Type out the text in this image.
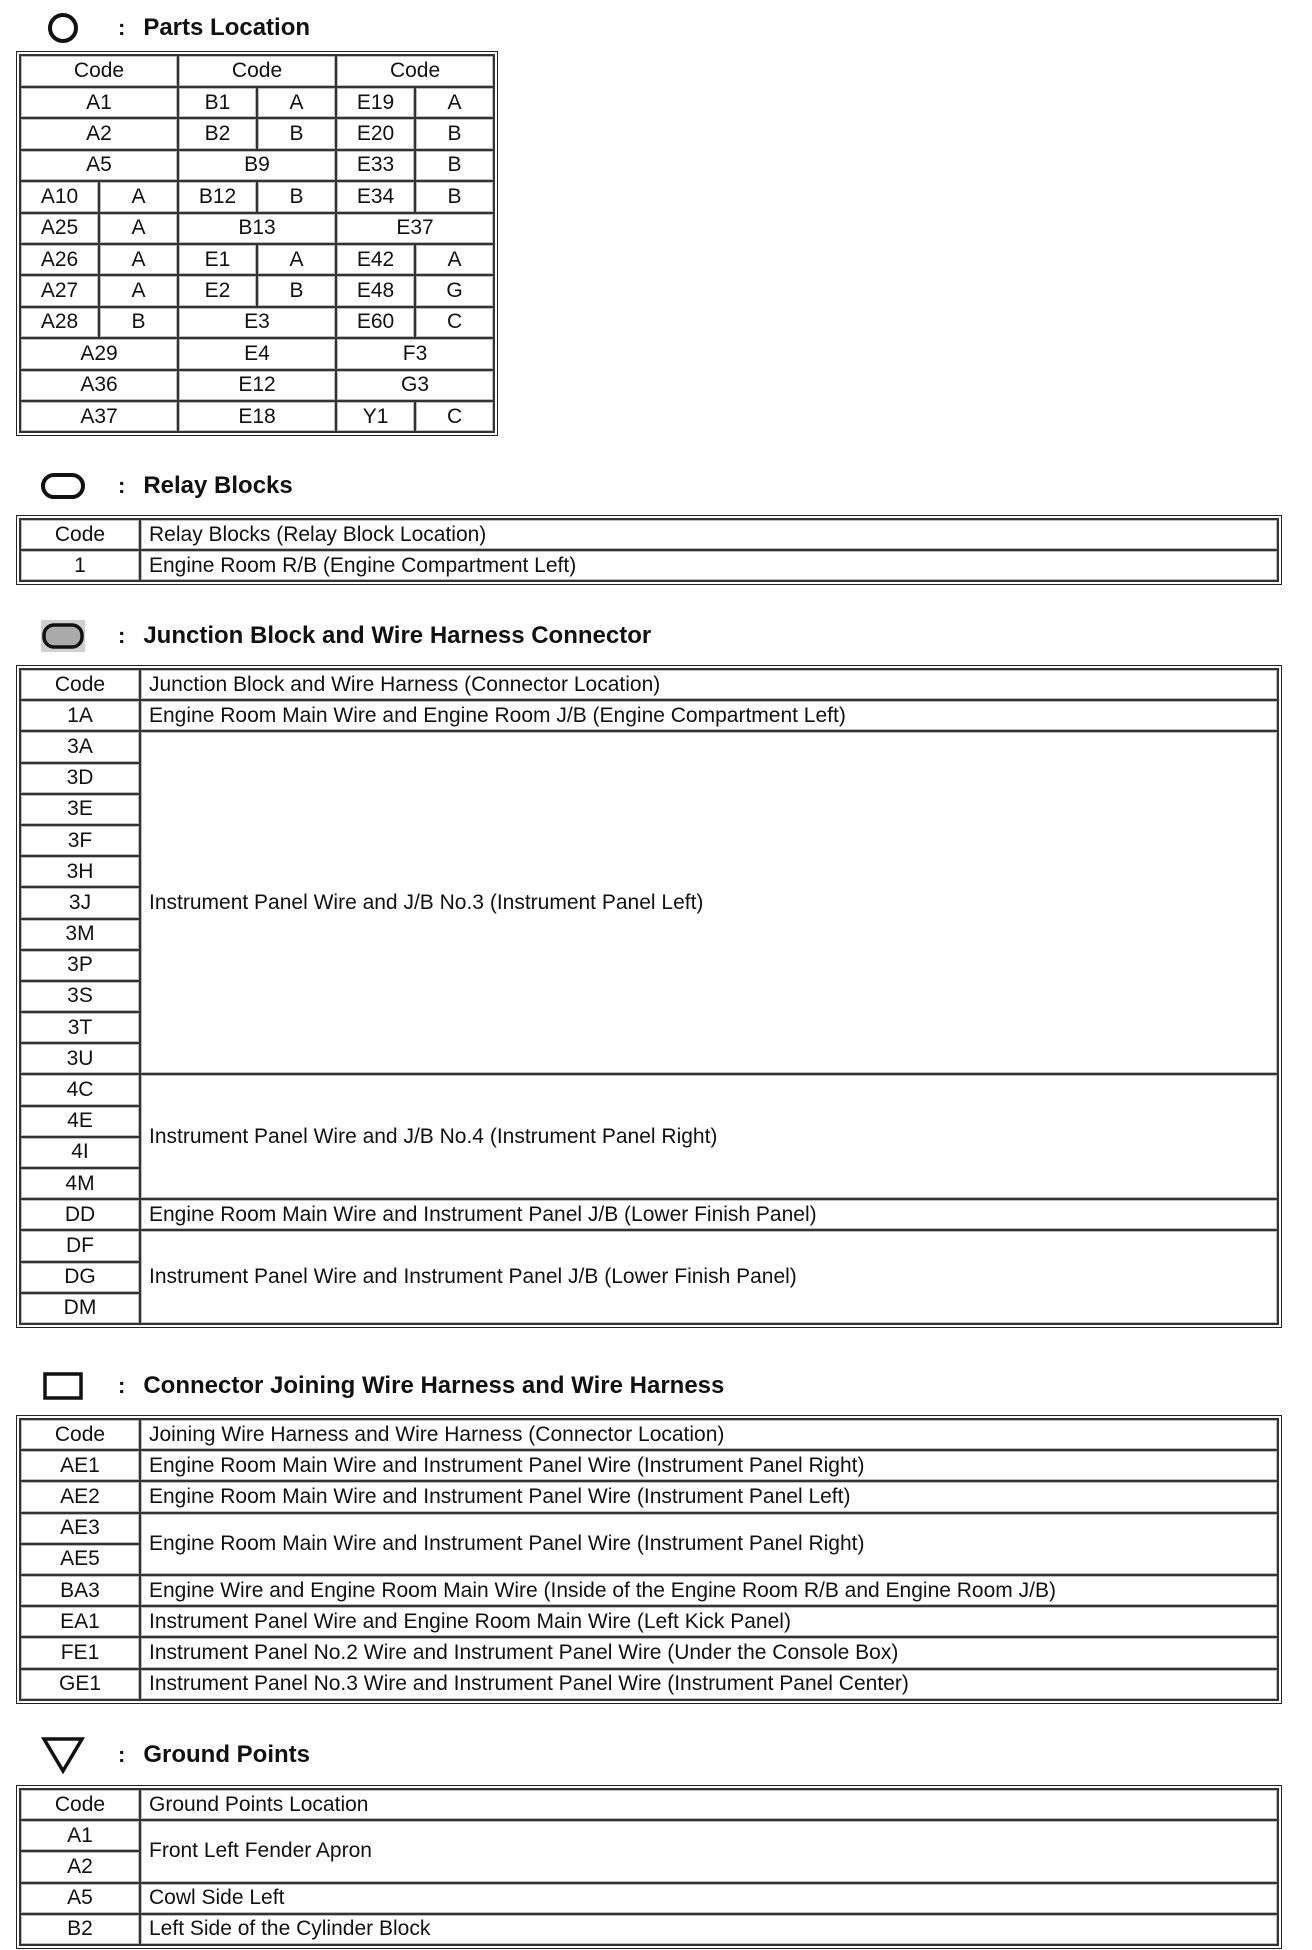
: Parts Location
Code		Code		Code	
A1		B1	A	E19	A
A2		B2	B	E20	B
A5		B9		E33	B
A10	A	B12	B	E34	B
A25	A	B13		E37	
A26	A	E1	A	E42	A
A27	A	E2	B	E48	G
A28	B	E3		E60	C
A29		E4		F3	
A36		E12		G3	
A37		E18		Y1	C
: Relay Blocks
Code	Relay Blocks (Relay Block Location)
1	Engine Room R/B (Engine Compartment Left)
: Junction Block and Wire Harness Connector
Code	Junction Block and Wire Harness (Connector Location)
1A	Engine Room Main Wire and Engine Room J/B (Engine Compartment Left)
3A	Instrument Panel Wire and J/B No.3 (Instrument Panel Left)
3D	
3E	
3F	
3H	
3J	
3M	
3P	
3S	
3T	
3U	
4C	Instrument Panel Wire and J/B No.4 (Instrument Panel Right)
4E	
4I	
4M	
DD	Engine Room Main Wire and Instrument Panel J/B (Lower Finish Panel)
DF	Instrument Panel Wire and Instrument Panel J/B (Lower Finish Panel)
DG	
DM	
: Connector Joining Wire Harness and Wire Harness
Code	Joining Wire Harness and Wire Harness (Connector Location)
AE1	Engine Room Main Wire and Instrument Panel Wire (Instrument Panel Right)
AE2	Engine Room Main Wire and Instrument Panel Wire (Instrument Panel Left)
AE3	Engine Room Main Wire and Instrument Panel Wire (Instrument Panel Right)
AE5	
BA3	Engine Wire and Engine Room Main Wire (Inside of the Engine Room R/B and Engine Room J/B)
EA1	Instrument Panel Wire and Engine Room Main Wire (Left Kick Panel)
FE1	Instrument Panel No.2 Wire and Instrument Panel Wire (Under the Console Box)
GE1	Instrument Panel No.3 Wire and Instrument Panel Wire (Instrument Panel Center)
: Ground Points
Code	Ground Points Location
A1	Front Left Fender Apron
A2	
A5	Cowl Side Left
B2	Left Side of the Cylinder Block
